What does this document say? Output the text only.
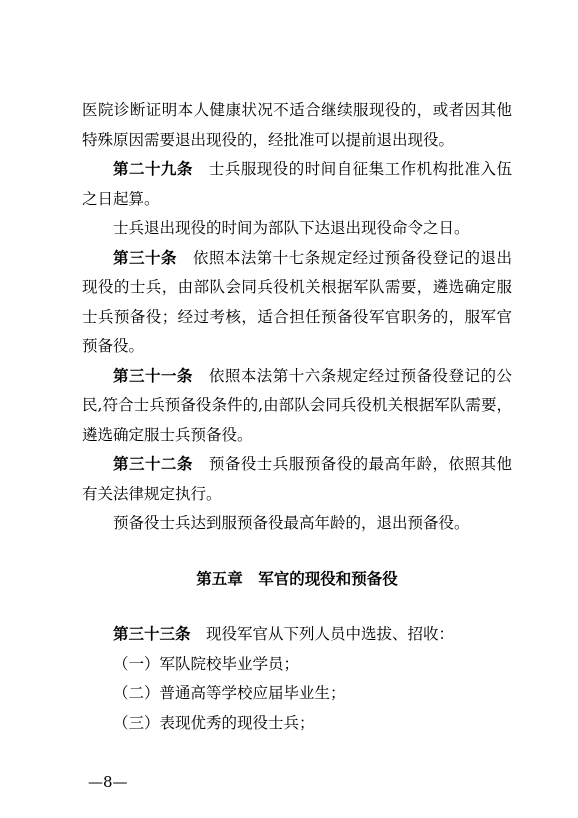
医院诊断证明本人健康状况不适合继续服现役的，或者因其他特殊原因需要退出现役的，经批准可以提前退出现役。

第二十九条　士兵服现役的时间自征集工作机构批准入伍之日起算。

士兵退出现役的时间为部队下达退出现役命令之日。

第三十条　依照本法第十七条规定经过预备役登记的退出现役的士兵，由部队会同兵役机关根据军队需要，遴选确定服士兵预备役；经过考核，适合担任预备役军官职务的，服军官预备役。

第三十一条　依照本法第十六条规定经过预备役登记的公民,符合士兵预备役条件的,由部队会同兵役机关根据军队需要，遴选确定服士兵预备役。

第三十二条　预备役士兵服预备役的最高年龄，依照其他有关法律规定执行。

预备役士兵达到服预备役最高年龄的，退出预备役。

第五章　军官的现役和预备役

第三十三条　现役军官从下列人员中选拔、招收：

（一）军队院校毕业学员；

（二）普通高等学校应届毕业生；

（三）表现优秀的现役士兵；

—8—
